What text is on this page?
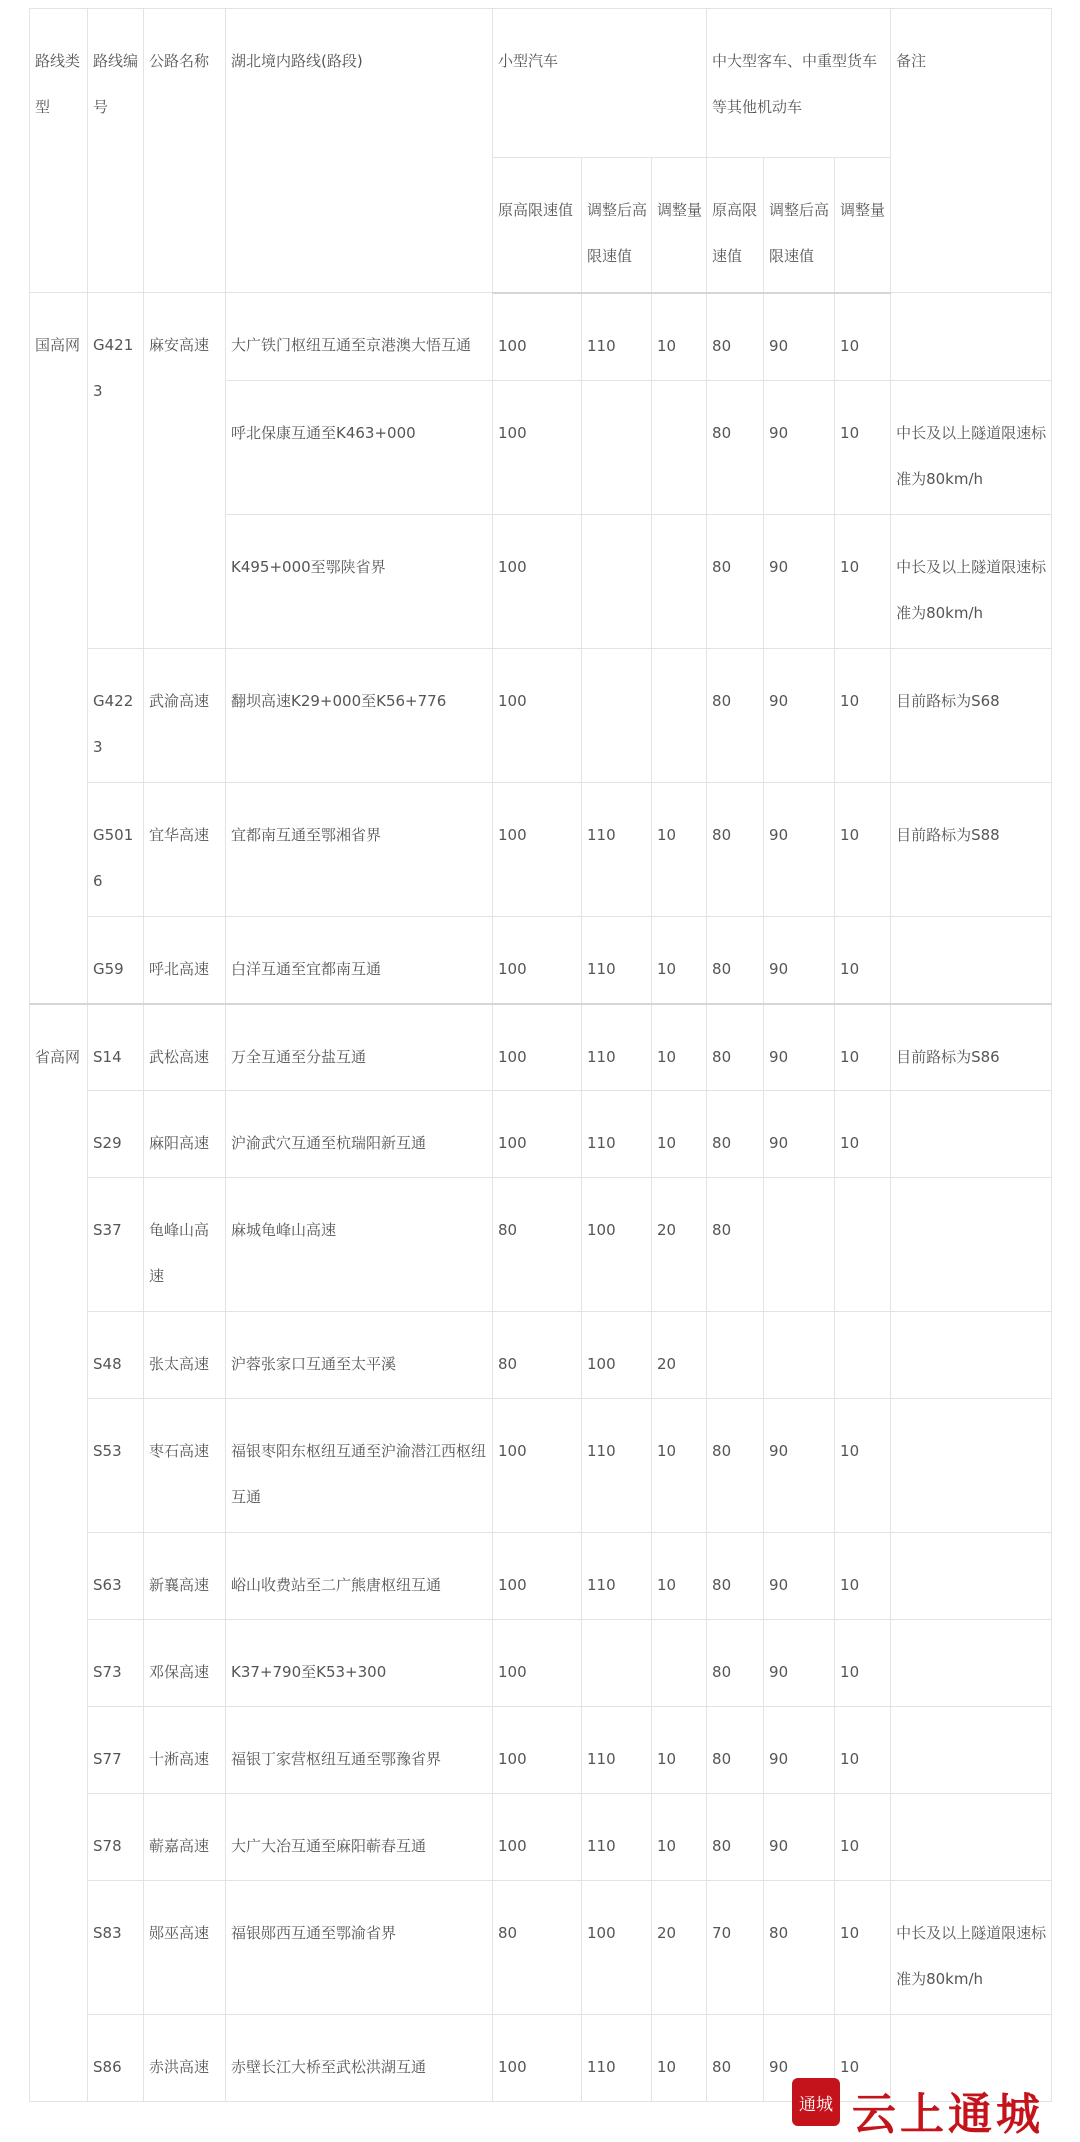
路线类型	路线编号	公路名称	湖北境内路线(路段)	小型汽车			中大型客车、中重型货车等其他机动车			备注
				原高限速值	调整后高限速值	调整量	原高限速值	调整后高限速值	调整量	
国高网	G4213	麻安高速	大广铁门枢纽互通至京港澳大悟互通	100	110	10	80	90	10	
			呼北保康互通至K463+000	100			80	90	10	中长及以上隧道限速标准为80km/h
			K495+000至鄂陕省界	100			80	90	10	中长及以上隧道限速标准为80km/h
	G4223	武渝高速	翻坝高速K29+000至K56+776	100			80	90	10	目前路标为S68
	G5016	宜华高速	宜都南互通至鄂湘省界	100	110	10	80	90	10	目前路标为S88
	G59	呼北高速	白洋互通至宜都南互通	100	110	10	80	90	10	
省高网	S14	武松高速	万全互通至分盐互通	100	110	10	80	90	10	目前路标为S86
	S29	麻阳高速	沪渝武穴互通至杭瑞阳新互通	100	110	10	80	90	10	
	S37	龟峰山高速	麻城龟峰山高速	80	100	20	80			
	S48	张太高速	沪蓉张家口互通至太平溪	80	100	20				
	S53	枣石高速	福银枣阳东枢纽互通至沪渝潜江西枢纽互通	100	110	10	80	90	10	
	S63	新襄高速	峪山收费站至二广熊唐枢纽互通	100	110	10	80	90	10	
	S73	邓保高速	K37+790至K53+300	100			80	90	10	
	S77	十淅高速	福银丁家营枢纽互通至鄂豫省界	100	110	10	80	90	10	
	S78	蕲嘉高速	大广大冶互通至麻阳蕲春互通	100	110	10	80	90	10	
	S83	郧巫高速	福银郧西互通至鄂渝省界	80	100	20	70	80	10	中长及以上隧道限速标准为80km/h
	S86	赤洪高速	赤壁长江大桥至武松洪湖互通	100	110	10	80	90	10	
通城 云上通城
